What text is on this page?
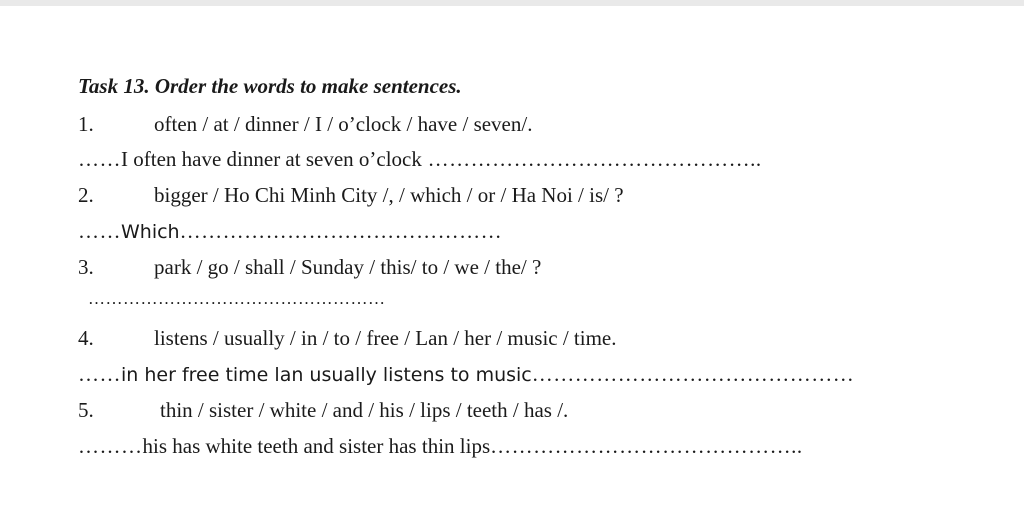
Task 13. Order the words to make sentences.
1.	often / at / dinner / I / o’clock / have / seven/.
……I often have dinner at seven o’clock ………………………………………..
2.	bigger / Ho Chi Minh City /, / which / or / Ha Noi / is/ ?
……Which………………………………………
3.	park / go / shall / Sunday / this/ to / we / the/ ?
……………………………………………
4.	listens / usually / in / to / free / Lan / her / music / time.
……in her free time lan usually listens to music………………………………………
5.	thin / sister / white / and / his / lips / teeth / has /.
………his has white teeth and sister has thin lips……………………………………..
